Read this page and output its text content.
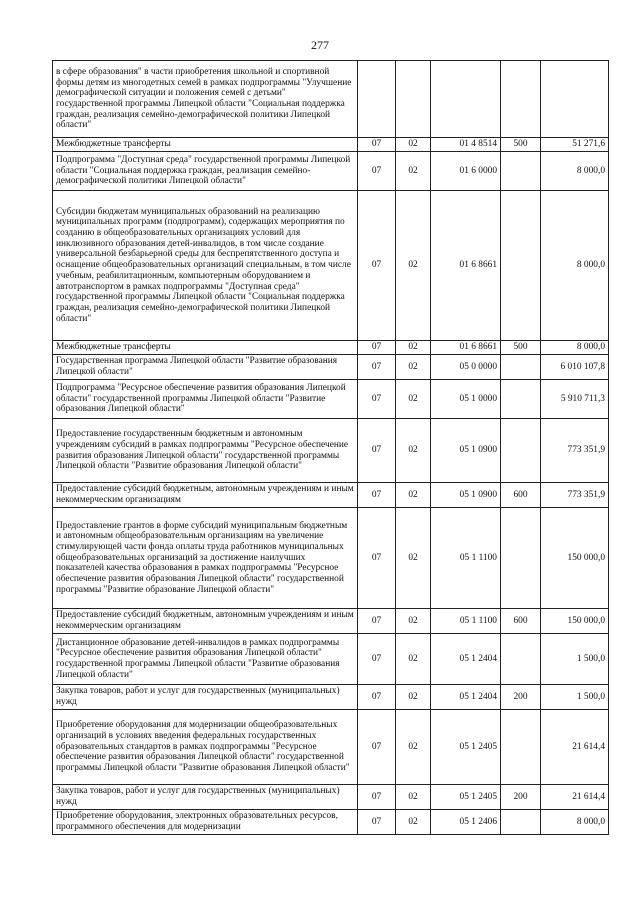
277
в сфере образования" в части приобретения школьной и спортивной формы детям из многодетных семей в рамках подпрограммы "Улучшение демографической ситуации и положения семей с детьми" государственной программы Липецкой области "Социальная поддержка граждан, реализация семейно-демографической политики Липецкой области"					
Межбюджетные трансферты	07	02	01 4 8514	500	51 271,6
Подпрограмма "Доступная среда" государственной программы Липецкой области "Социальная поддержка граждан, реализация семейно-демографической политики Липецкой области"	07	02	01 6 0000		8 000,0
Субсидии бюджетам муниципальных образований на реализацию муниципальных программ (подпрограмм), содержащих мероприятия по созданию в общеобразовательных организациях условий для инклюзивного образования детей-инвалидов, в том числе создание универсальной безбарьерной среды для беспрепятственного доступа и оснащение общеобразовательных организаций специальным, в том числе учебным, реабилитационным, компьютерным оборудованием и автотранспортом в рамках подпрограммы "Доступная среда" государственной программы Липецкой области "Социальная поддержка граждан, реализация семейно-демографической политики Липецкой области"	07	02	01 6 8661		8 000,0
Межбюджетные трансферты	07	02	01 6 8661	500	8 000,0
Государственная программа Липецкой области "Развитие образования Липецкой области"	07	02	05 0 0000		6 010 107,8
Подпрограмма "Ресурсное обеспечение развития образования Липецкой области" государственной программы Липецкой области "Развитие образования Липецкой области"	07	02	05 1 0000		5 910 711,3
Предоставление государственным бюджетным и автономным учреждениям субсидий в рамках подпрограммы "Ресурсное обеспечение развития образования Липецкой области" государственной программы Липецкой области "Развитие образования Липецкой области"	07	02	05 1 0900		773 351,9
Предоставление субсидий бюджетным, автономным учреждениям и иным некоммерческим организациям	07	02	05 1 0900	600	773 351,9
Предоставление грантов в форме субсидий муниципальным бюджетным и автономным общеобразовательным организациям на увеличение стимулирующей части фонда оплаты труда работников муниципальных общеобразовательных организаций за достижение наилучших показателей качества образования в рамках подпрограммы "Ресурсное обеспечение развития образования Липецкой области" государственной программы "Развитие образование Липецкой области"	07	02	05 1 1100		150 000,0
Предоставление субсидий бюджетным, автономным учреждениям и иным некоммерческим организациям	07	02	05 1 1100	600	150 000,0
Дистанционное образование детей-инвалидов в рамках подпрограммы "Ресурсное обеспечение развития образования Липецкой области" государственной программы Липецкой области "Развитие образования Липецкой области"	07	02	05 1 2404		1 500,0
Закупка товаров, работ и услуг для государственных (муниципальных) нужд	07	02	05 1 2404	200	1 500,0
Приобретение оборудования для модернизации общеобразовательных организаций в условиях введения федеральных государственных образовательных стандартов в рамках подпрограммы "Ресурсное обеспечение развития образования Липецкой области" государственной программы Липецкой области "Развитие образования Липецкой области"	07	02	05 1 2405		21 614,4
Закупка товаров, работ и услуг для государственных (муниципальных) нужд	07	02	05 1 2405	200	21 614,4
Приобретение оборудования, электронных образовательных ресурсов, программного обеспечения для модернизации	07	02	05 1 2406		8 000,0
